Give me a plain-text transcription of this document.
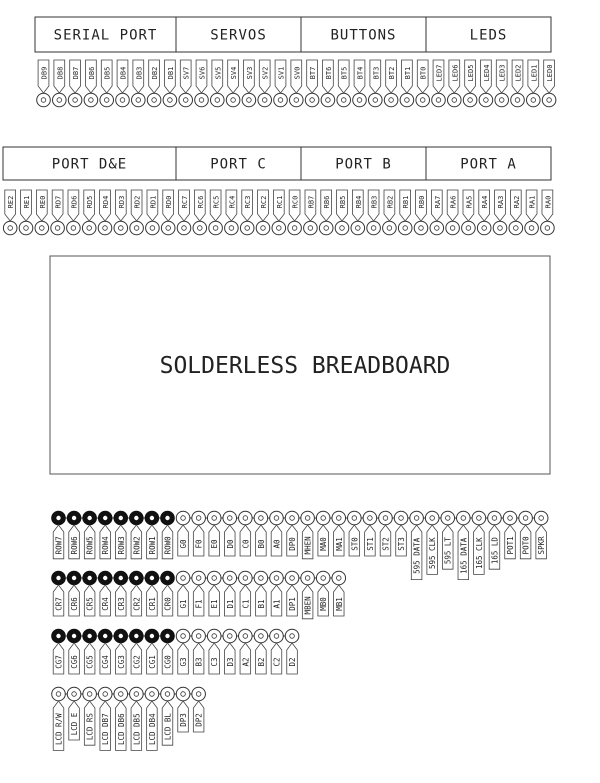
SERIAL PORT	SERVOS	BUTTONS	LEDS
DB9 DB8 DB7 DB6 DB5 DB4 DB3 DB2 DB1 SV7 SV6 SV5 SV4 SV3 SV2 SV1 SV0 BT7 BT6 BT5 BT4 BT3 BT2 BT1 BT0 LED7 LED6 LED5 LED4 LED3 LED2 LED1 LED0
PORT D&E	PORT C	PORT B	PORT A
RE2 RE1 RE0 RD7 RD6 RD5 RD4 RD3 RD2 RD1 RD0 RC7 RC6 RC5 RC4 RC3 RC2 RC1 RC0 RB7 RB6 RB5 RB4 RB3 RB2 RB1 RB0 RA7 RA6 RA5 RA4 RA3 RA2 RA1 RA0
SOLDERLESS BREADBOARD
ROW7 ROW6 ROW5 ROW4 ROW3 ROW2 ROW1 ROW0 G0 F0 E0 D0 C0 B0 A0 DP0 MHEN MA0 MA1 ST0 ST1 ST2 ST3 595 DATA 595 CLK 595 LT 165 DATA 165 CLK 165 LD POT1 POT0 SPKR
CR7 CR6 CR5 CR4 CR3 CR2 CR1 CR0 G1 F1 E1 D1 C1 B1 A1 DP1 MBEN MB0 MB1
CG7 CG6 CG5 CG4 CG3 CG2 CG1 CG0 G3 B3 C3 D3 A2 B2 C2 D2
LCD R/W LCD E LCD RS LCD DB7 LCD DB6 LCD DB5 LCD DB4 LCD BL DP3 DP2
